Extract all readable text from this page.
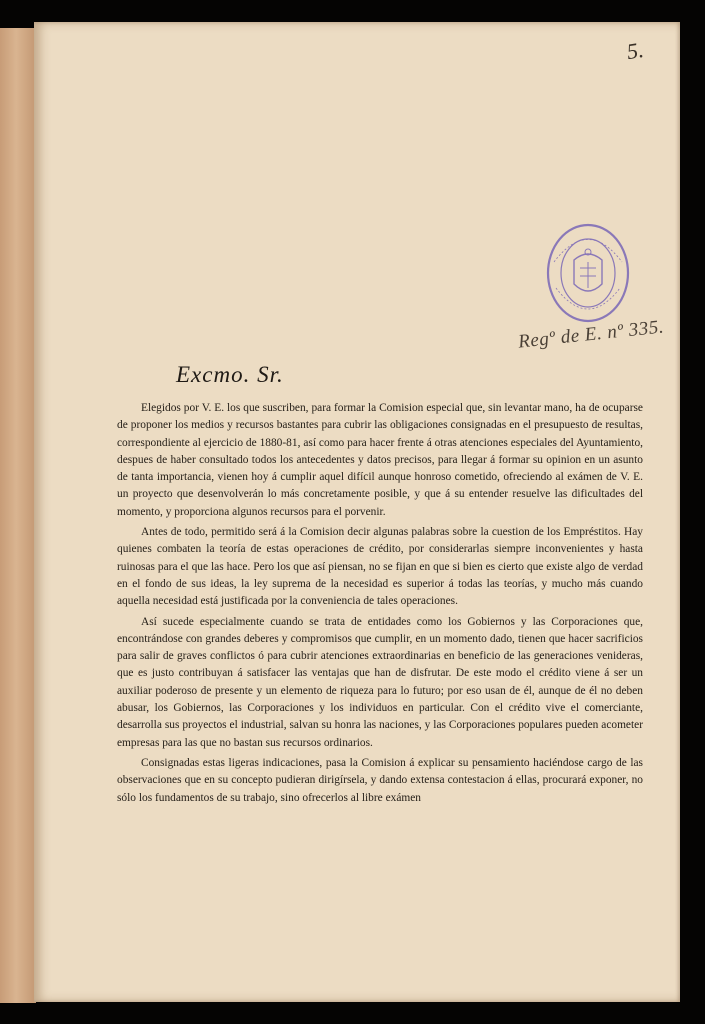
5.
Regº de E. nº 335.
Excmo. Sr.

Elegidos por V. E. los que suscriben, para formar la Comision especial que, sin levantar mano, ha de ocuparse de proponer los medios y recursos bastantes para cubrir las obligaciones consignadas en el presupuesto de resultas, correspondiente al ejercicio de 1880-81, así como para hacer frente á otras atenciones especiales del Ayuntamiento, despues de haber consultado todos los antecedentes y datos precisos, para llegar á formar su opinion en un asunto de tanta importancia, vienen hoy á cumplir aquel difícil aunque honroso cometido, ofreciendo al exámen de V. E. un proyecto que desenvolverán lo más concretamente posible, y que á su entender resuelve las dificultades del momento, y proporciona algunos recursos para el porvenir.

Antes de todo, permitido será á la Comision decir algunas palabras sobre la cuestion de los Empréstitos. Hay quienes combaten la teoría de estas operaciones de crédito, por considerarlas siempre inconvenientes y hasta ruinosas para el que las hace. Pero los que así piensan, no se fijan en que si bien es cierto que existe algo de verdad en el fondo de sus ideas, la ley suprema de la necesidad es superior á todas las teorías, y mucho más cuando aquella necesidad está justificada por la conveniencia de tales operaciones.

Así sucede especialmente cuando se trata de entidades como los Gobiernos y las Corporaciones que, encontrándose con grandes deberes y compromisos que cumplir, en un momento dado, tienen que hacer sacrificios para salir de graves conflictos ó para cubrir atenciones extraordinarias en beneficio de las generaciones venideras, que es justo contribuyan á satisfacer las ventajas que han de disfrutar. De este modo el crédito viene á ser un auxiliar poderoso de presente y un elemento de riqueza para lo futuro; por eso usan de él, aunque de él no deben abusar, los Gobiernos, las Corporaciones y los individuos en particular. Con el crédito vive el comerciante, desarrolla sus proyectos el industrial, salvan su honra las naciones, y las Corporaciones populares pueden acometer empresas para las que no bastan sus recursos ordinarios.

Consignadas estas ligeras indicaciones, pasa la Comision á explicar su pensamiento haciéndose cargo de las observaciones que en su concepto pudieran dirigírsela, y dando extensa contestacion á ellas, procurará exponer, no sólo los fundamentos de su trabajo, sino ofrecerlos al libre exámen
